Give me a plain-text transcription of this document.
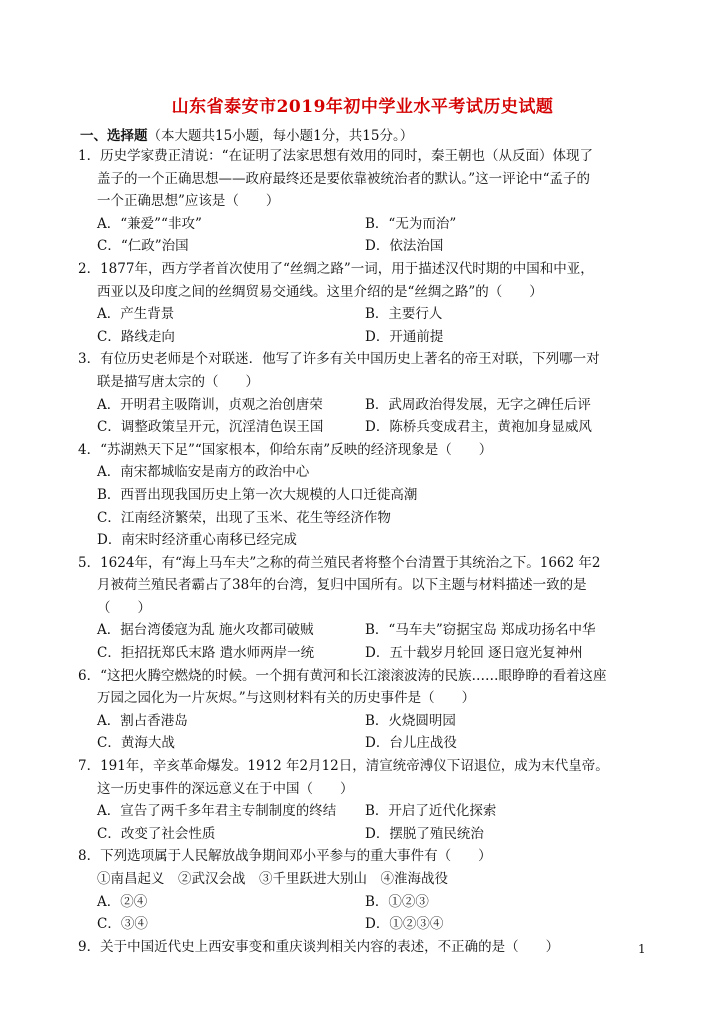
山东省泰安市2019年初中学业水平考试历史试题
一、选择题（本大题共15小题，每小题1分，共15分。）
1．历史学家费正清说：“在证明了法家思想有效用的同时，秦王朝也（从反面）体现了
盖子的一个正确思想——政府最终还是要依靠被统治者的默认。”这一评论中“孟子的
一个正确思想”应该是（　　）
A．“兼爱”“非攻”	B．“无为而治”
C．“仁政”治国	D．依法治国
2．1877年，西方学者首次使用了“丝绸之路”一词，用于描述汉代时期的中国和中亚，
西亚以及印度之间的丝绸贸易交通线。这里介绍的是“丝绸之路”的（　　）
A．产生背景	B．主要行人
C．路线走向	D．开通前提
3．有位历史老师是个对联迷．他写了许多有关中国历史上著名的帝王对联，下列哪一对
联是描写唐太宗的（　　）
A．开明君主吸隋训，贞观之治创唐荣	B．武周政治得发展，无字之碑任后评
C．调整政策呈开元，沉淫清色误王国	D．陈桥兵变成君主，黄袍加身显威风
4．“苏湖熟天下足”“国家根本，仰给东南”反映的经济现象是（　　）
A．南宋都城临安是南方的政治中心
B．西晋出现我国历史上第一次大规模的人口迁徙高潮
C．江南经济繁荣，出现了玉米、花生等经济作物
D．南宋时经济重心南移已经完成
5．1624年，有“海上马车夫”之称的荷兰殖民者将整个台清置于其统治之下。1662 年2
月被荷兰殖民者霸占了38年的台湾，复归中国所有。以下主题与材料描述一致的是
（　　）
A．据台湾倭寇为乱 施火攻都司破贼	B．“马车夫”窃据宝岛 郑成功扬名中华
C．拒招抚郑氏末路 遣水师两岸一统	D．五十载岁月轮回 逐日寇光复神州
6．“这把火腾空燃烧的时候。一个拥有黄河和长江滚滚波涛的民族……眼睁睁的看着这座
万园之园化为一片灰烬。”与这则材料有关的历史事件是（　　）
A．割占香港岛	B．火烧圆明园
C．黄海大战	D．台儿庄战役
7．191年，辛亥革命爆发。1912 年2月12日，清宣统帝溥仪下诏退位，成为末代皇帝。
这一历史事件的深远意义在于中国（　　）
A．宣告了两千多年君主专制制度的终结	B．开启了近代化探索
C．改变了社会性质	D．摆脱了殖民统治
8．下列选项属于人民解放战争期间邓小平参与的重大事件有（　　）
①南昌起义　②武汉会战　③千里跃进大别山　④淮海战役
A．②④	B．①②③
C．③④	D．①②③④
9．关于中国近代史上西安事变和重庆谈判相关内容的表述，不正确的是（　　）	1
